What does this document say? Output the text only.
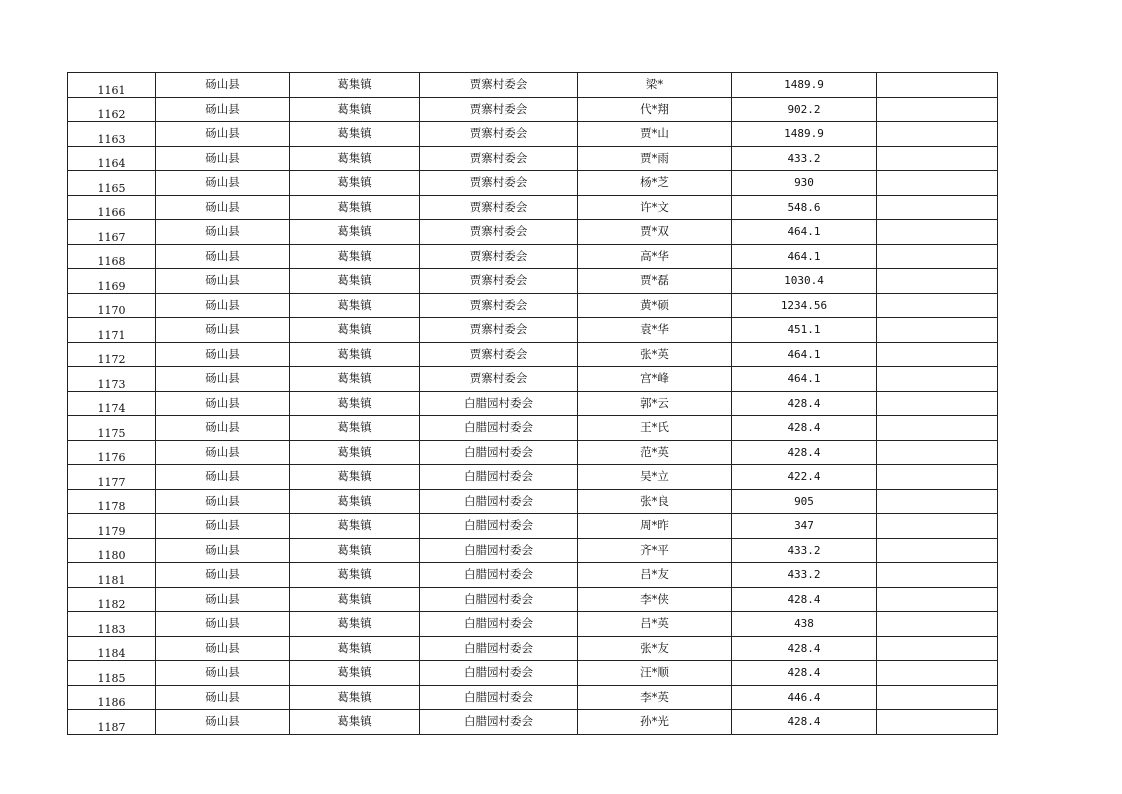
1161	砀山县	葛集镇	贾寨村委会	梁*	1489.9	
1162	砀山县	葛集镇	贾寨村委会	代*翔	902.2	
1163	砀山县	葛集镇	贾寨村委会	贾*山	1489.9	
1164	砀山县	葛集镇	贾寨村委会	贾*雨	433.2	
1165	砀山县	葛集镇	贾寨村委会	杨*芝	930	
1166	砀山县	葛集镇	贾寨村委会	许*文	548.6	
1167	砀山县	葛集镇	贾寨村委会	贾*双	464.1	
1168	砀山县	葛集镇	贾寨村委会	高*华	464.1	
1169	砀山县	葛集镇	贾寨村委会	贾*磊	1030.4	
1170	砀山县	葛集镇	贾寨村委会	黄*硕	1234.56	
1171	砀山县	葛集镇	贾寨村委会	袁*华	451.1	
1172	砀山县	葛集镇	贾寨村委会	张*英	464.1	
1173	砀山县	葛集镇	贾寨村委会	宫*峰	464.1	
1174	砀山县	葛集镇	白腊园村委会	郭*云	428.4	
1175	砀山县	葛集镇	白腊园村委会	王*氏	428.4	
1176	砀山县	葛集镇	白腊园村委会	范*英	428.4	
1177	砀山县	葛集镇	白腊园村委会	吴*立	422.4	
1178	砀山县	葛集镇	白腊园村委会	张*良	905	
1179	砀山县	葛集镇	白腊园村委会	周*昨	347	
1180	砀山县	葛集镇	白腊园村委会	齐*平	433.2	
1181	砀山县	葛集镇	白腊园村委会	吕*友	433.2	
1182	砀山县	葛集镇	白腊园村委会	李*侠	428.4	
1183	砀山县	葛集镇	白腊园村委会	吕*英	438	
1184	砀山县	葛集镇	白腊园村委会	张*友	428.4	
1185	砀山县	葛集镇	白腊园村委会	汪*顺	428.4	
1186	砀山县	葛集镇	白腊园村委会	李*英	446.4	
1187	砀山县	葛集镇	白腊园村委会	孙*光	428.4	
